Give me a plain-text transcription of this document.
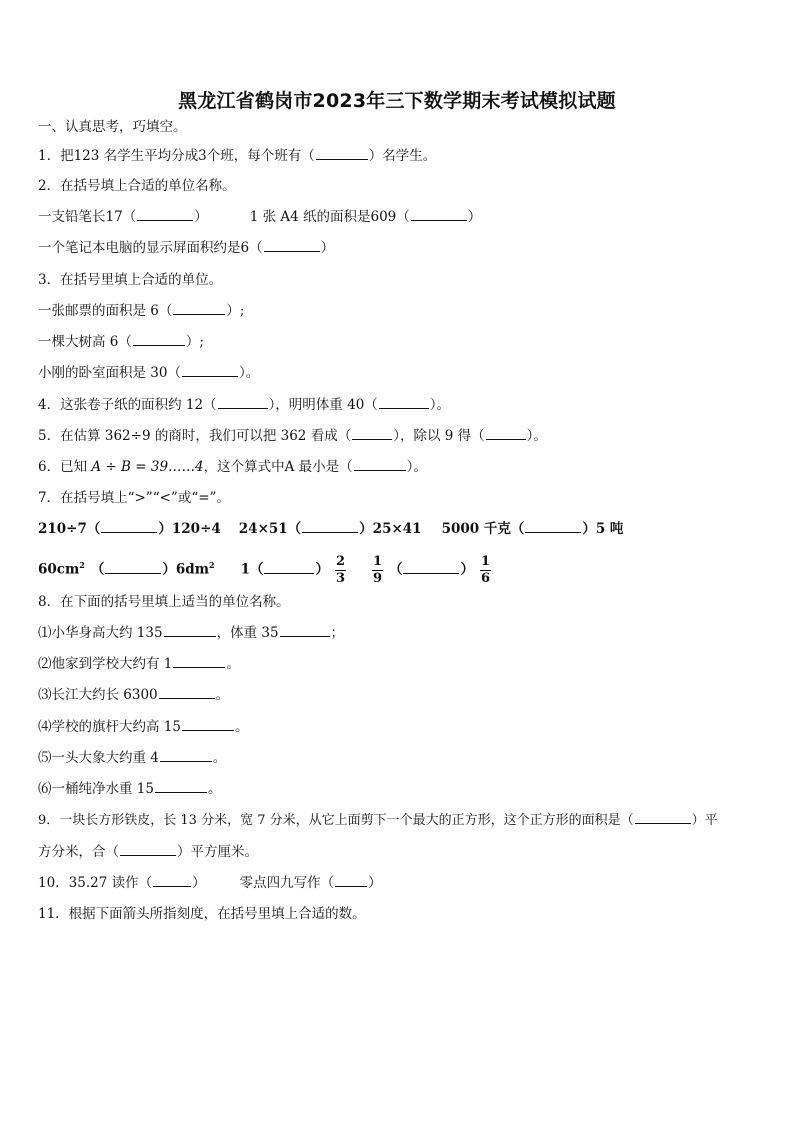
黑龙江省鹤岗市2023年三下数学期末考试模拟试题
一、认真思考，巧填空。
1．把123 名学生平均分成3个班，每个班有（	）名学生。
2．在括号填上合适的单位名称。
一支铅笔长17（	）	1 张 A4 纸的面积是609（	）
一个笔记本电脑的显示屏面积约是6（	）
3．在括号里填上合适的单位。
一张邮票的面积是 6（	）;
一棵大树高 6（	）;
小刚的卧室面积是 30（	）。
4．这张卷子纸的面积约 12（	），明明体重 40（	）。
5．在估算 362÷9 的商时，我们可以把 362 看成（	），除以 9 得（	）。
6．已知 A ÷ B = 39……4，这个算式中A 最小是（	）。
7．在括号填上“>”“<”或“=”。
210÷7（	）120÷4 24×51（	）25×41 5000 千克（	）5 吨
$60cm^2$ （	）$6dm^2$ 1（	） $\frac{2}{3} \frac{1}{9}$ （	） $\frac{1}{6}$
8．在下面的括号里填上适当的单位名称。
⑴小华身高大约 135	，体重 35	；
⑵他家到学校大约有 1	。
⑶长江大约长 6300	。
⑷学校的旗杆大约高 15	。
⑸一头大象大约重 4	。
⑹一桶纯净水重 15	。
9．一块长方形铁皮，长 13 分米，宽 7 分米，从它上面剪下一个最大的正方形，这个正方形的面积是（	）平
方分米，合（	）平方厘米。
10．35.27 读作（	）	零点四九写作（	）
11．根据下面箭头所指刻度，在括号里填上合适的数。
